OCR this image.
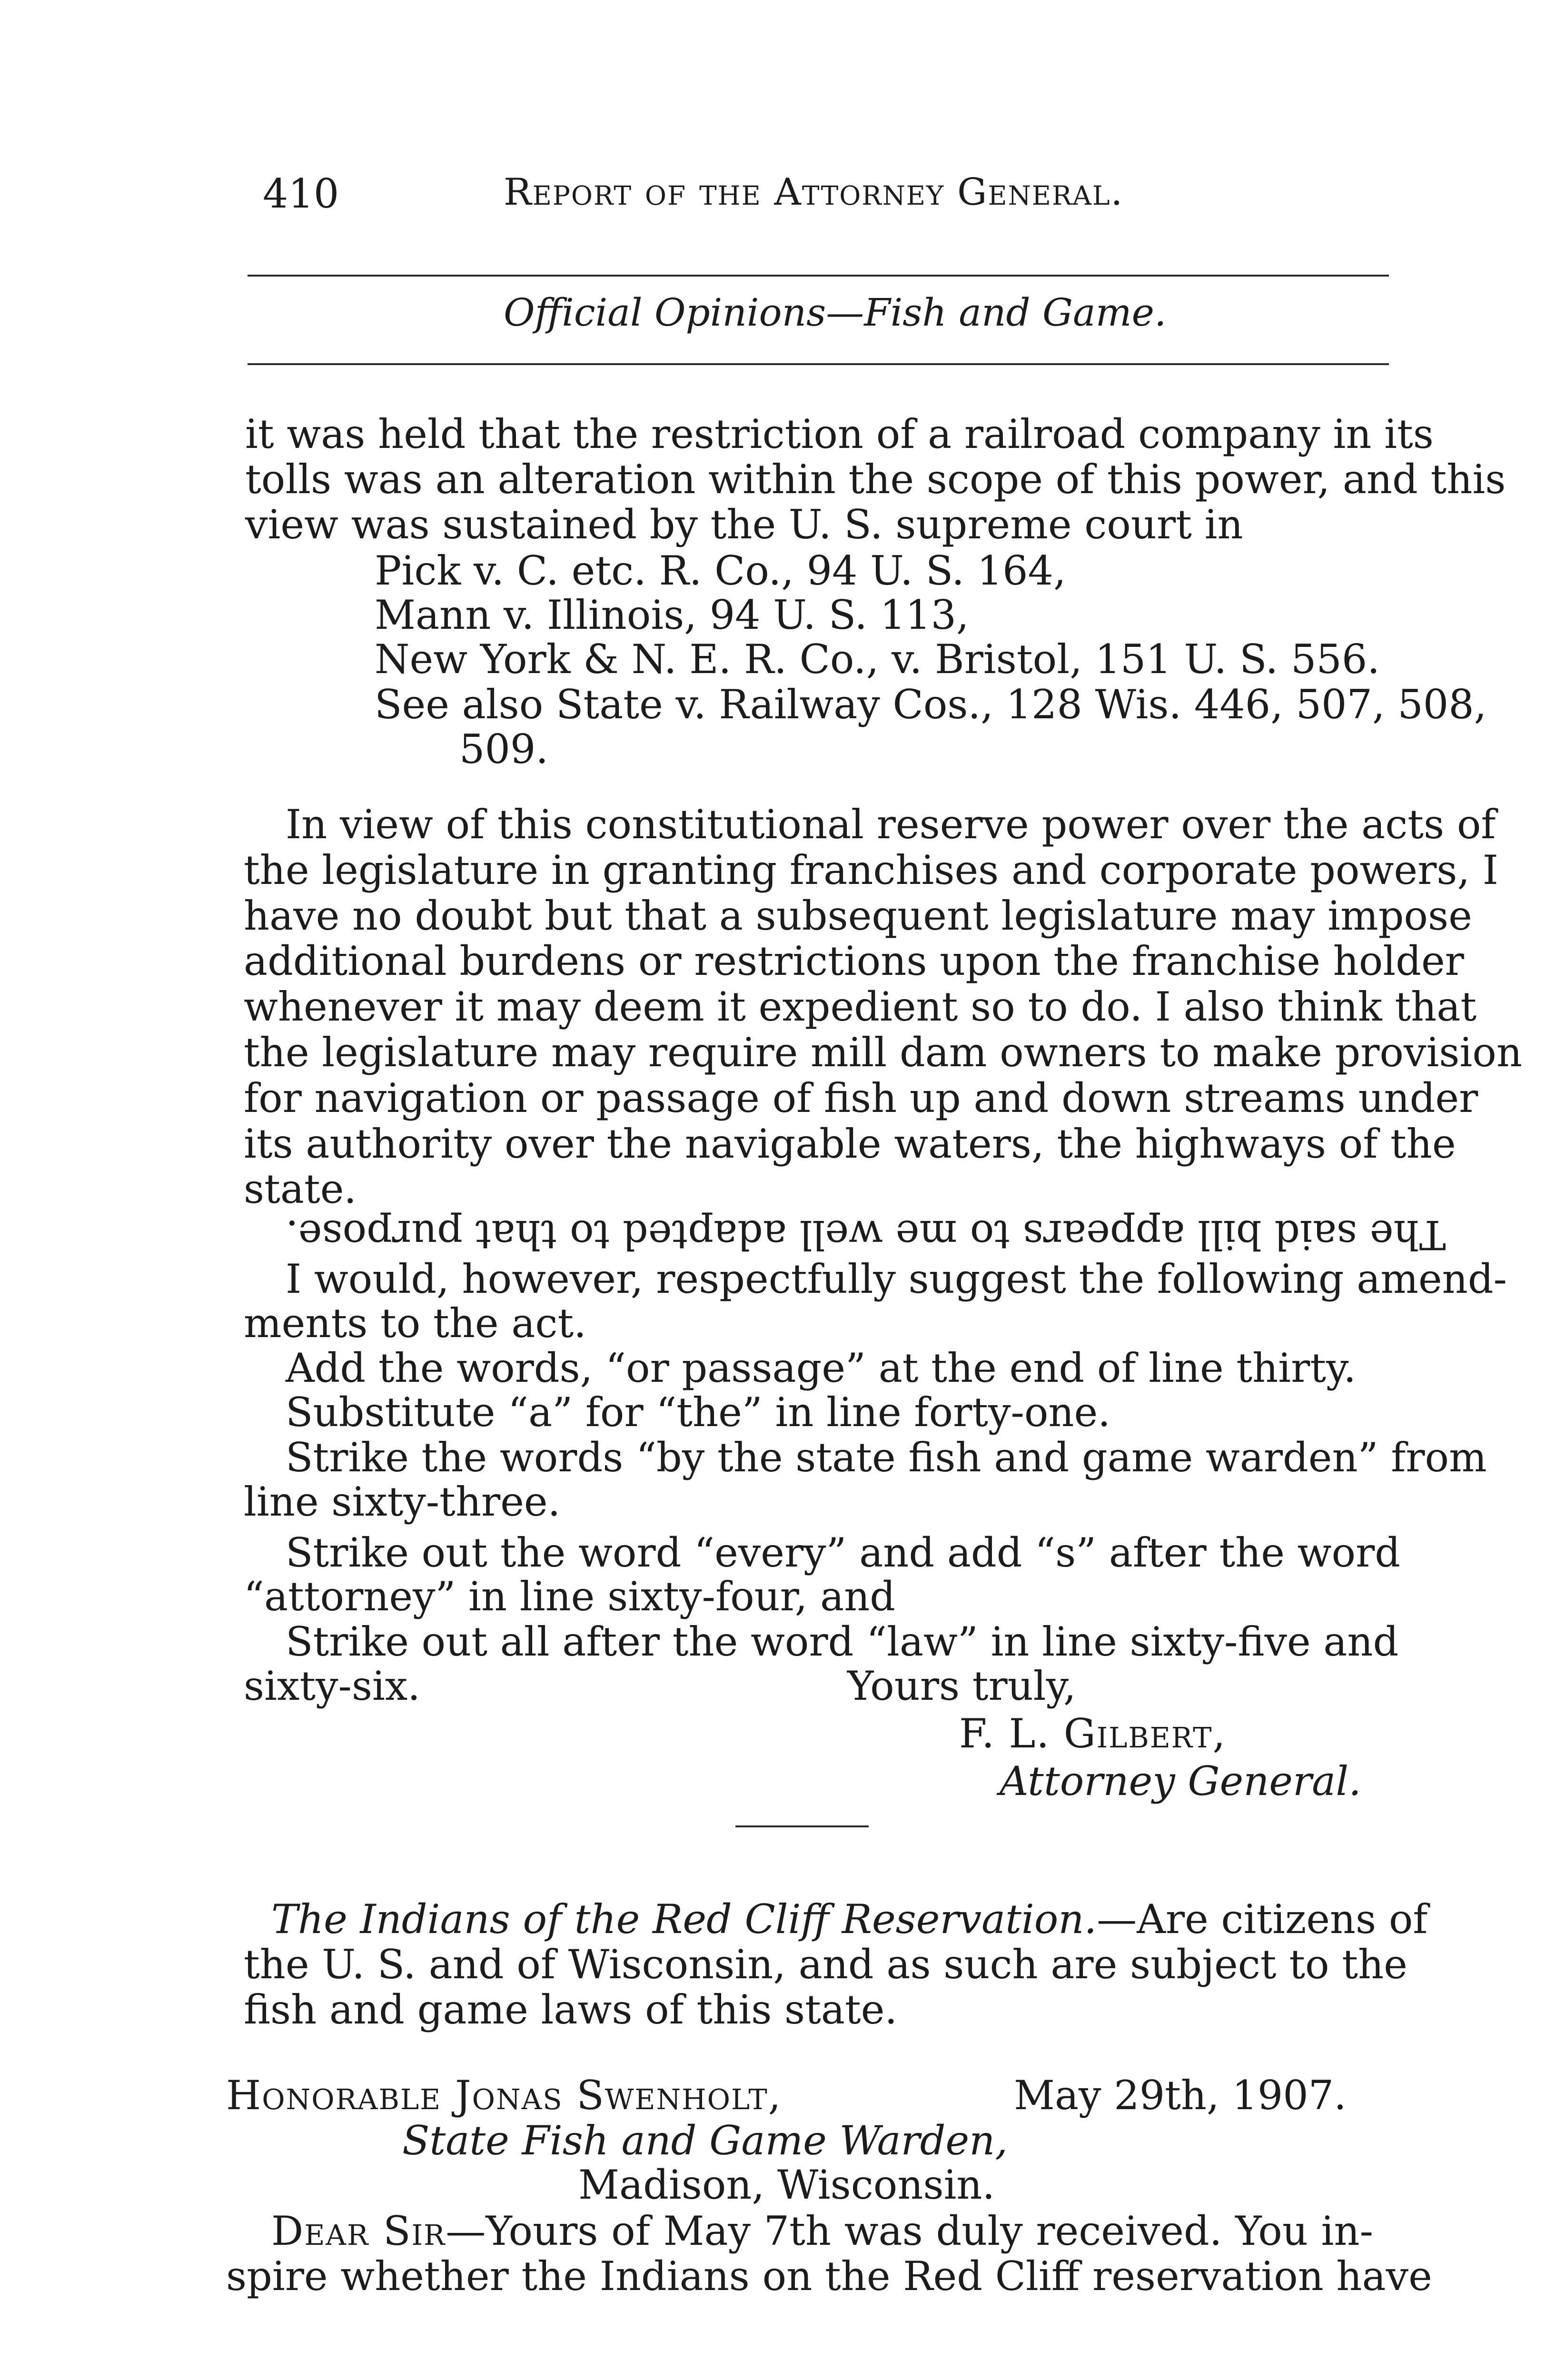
410	Report of the Attorney General.
Official Opinions—Fish and Game.
it was held that the restriction of a railroad company in its
tolls was an alteration within the scope of this power, and this
view was sustained by the U. S. supreme court in
Pick v. C. etc. R. Co., 94 U. S. 164,
Mann v. Illinois, 94 U. S. 113,
New York & N. E. R. Co., v. Bristol, 151 U. S. 556.
See also State v. Railway Cos., 128 Wis. 446, 507, 508,
509.
In view of this constitutional reserve power over the acts of
the legislature in granting franchises and corporate powers, I
have no doubt but that a subsequent legislature may impose
additional burdens or restrictions upon the franchise holder
whenever it may deem it expedient so to do. I also think that
the legislature may require mill dam owners to make provision
for navigation or passage of fish up and down streams under
its authority over the navigable waters, the highways of the
state.
The said bill appears to me well adapted to that purpose.
I would, however, respectfully suggest the following amend-
ments to the act.
Add the words, “or passage” at the end of line thirty.
Substitute “a” for “the” in line forty-one.
Strike the words “by the state fish and game warden” from
line sixty-three.
Strike out the word “every” and add “s” after the word
“attorney” in line sixty-four, and
Strike out all after the word “law” in line sixty-five and
sixty-six.	Yours truly,
F. L. Gilbert,
Attorney General.
The Indians of the Red Cliff Reservation.—Are citizens of
the U. S. and of Wisconsin, and as such are subject to the
fish and game laws of this state.
Honorable Jonas Swenholt,	May 29th, 1907.
State Fish and Game Warden,
Madison, Wisconsin.
Dear Sir—Yours of May 7th was duly received. You in-
spire whether the Indians on the Red Cliff reservation have
